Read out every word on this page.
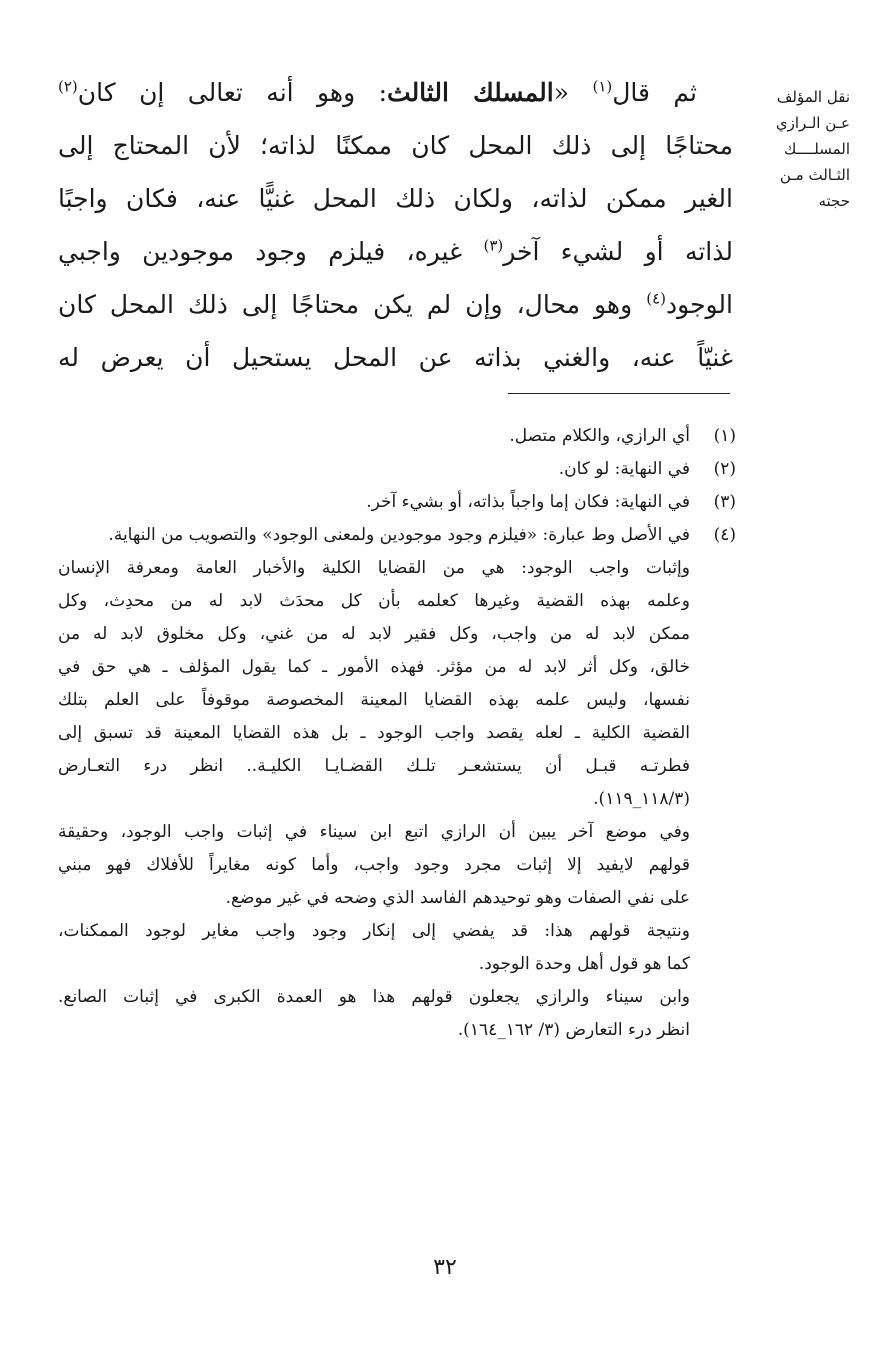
نقل المؤلف
عـن الـرازي
المسلــــك
الثـالث مـن
حجته
ثم قال$^{(١)}$ «المسلك الثالث: وهو أنه تعالى إن كان$^{(٢)}$
محتاجًا إلى ذلك المحل كان ممكنًا لذاته؛ لأن المحتاج إلى
الغير ممكن لذاته، ولكان ذلك المحل غنيًّا عنه، فكان واجبًا
لذاته أو لشيء آخر$^{(٣)}$ غيره، فيلزم وجود موجودين واجبي
الوجود$^{(٤)}$ وهو محال، وإن لم يكن محتاجًا إلى ذلك المحل كان
غنيّاً عنه، والغني بذاته عن المحل يستحيل أن يعرض له
(١)
أي الرازي، والكلام متصل.
(٢)
في النهاية: لو كان.
(٣)
في النهاية: فكان إما واجباً بذاته، أو بشيء آخر.
(٤)
في الأصل وط عبارة: «فيلزم وجود موجودين ولمعنى الوجود» والتصويب من النهاية.
وإثبات واجب الوجود: هي من القضايا الكلية والأخبار العامة ومعرفة الإنسان
وعلمه بهذه القضية وغيرها كعلمه بأن كل محدَث لابد له من محدِث، وكل
ممكن لابد له من واجب، وكل فقير لابد له من غني، وكل مخلوق لابد له من
خالق، وكل أثر لابد له من مؤثر. فهذه الأمور ـ كما يقول المؤلف ـ هي حق في
نفسها، وليس علمه بهذه القضايا المعينة المخصوصة موقوفاً على العلم بتلك
القضية الكلية ـ لعله يقصد واجب الوجود ـ بل هذه القضايا المعينة قد تسبق إلى
فطرتـه قبـل أن يستشعـر تلـك القضـايـا الكليـة.. انظر درء التعـارض
(١١٨/٣_١١٩).
وفي موضع آخر يبين أن الرازي اتبع ابن سيناء في إثبات واجب الوجود، وحقيقة
قولهم لايفيد إلا إثبات مجرد وجود واجب، وأما كونه مغايراً للأفلاك فهو مبني
على نفي الصفات وهو توحيدهم الفاسد الذي وضحه في غير موضع.
ونتيجة قولهم هذا: قد يفضي إلى إنكار وجود واجب مغاير لوجود الممكنات،
كما هو قول أهل وحدة الوجود.
وابن سيناء والرازي يجعلون قولهم هذا هو العمدة الكبرى في إثبات الصانع.
انظر درء التعارض (٣/ ١٦٢_١٦٤).
٣٢
